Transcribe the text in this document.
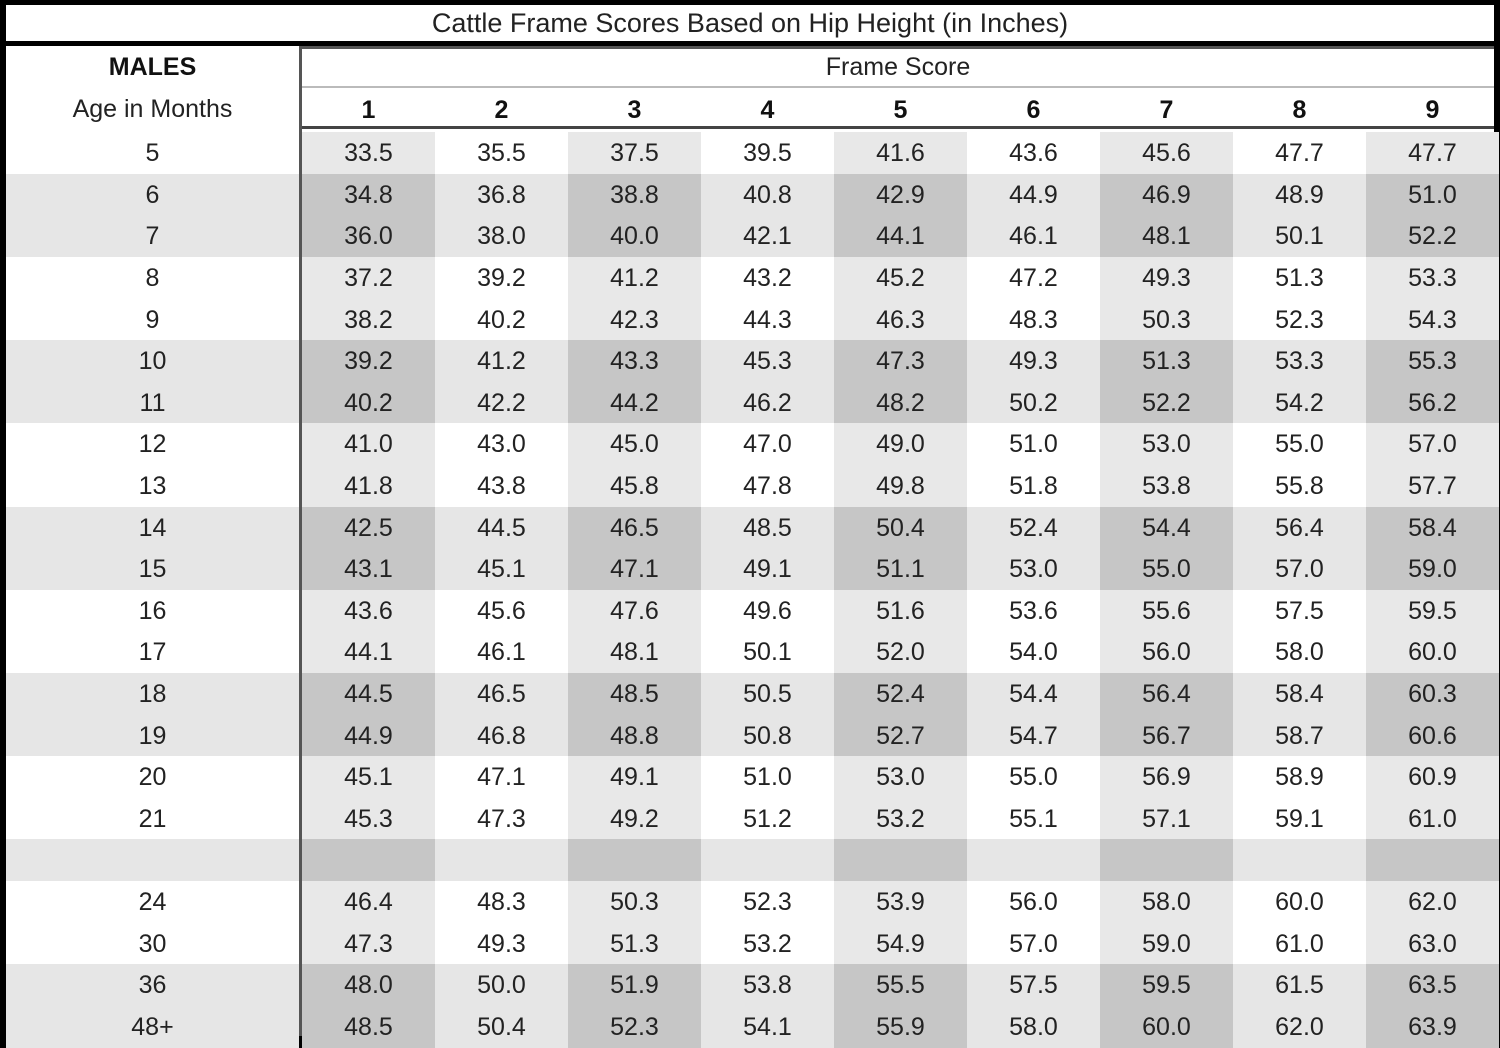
Cattle Frame Scores Based on Hip Height (in Inches)
MALES
Age in Months
Frame Score
1	2	3	4	5	6	7	8	9
5	33.5	35.5	37.5	39.5	41.6	43.6	45.6	47.7	47.7
6	34.8	36.8	38.8	40.8	42.9	44.9	46.9	48.9	51.0
7	36.0	38.0	40.0	42.1	44.1	46.1	48.1	50.1	52.2
8	37.2	39.2	41.2	43.2	45.2	47.2	49.3	51.3	53.3
9	38.2	40.2	42.3	44.3	46.3	48.3	50.3	52.3	54.3
10	39.2	41.2	43.3	45.3	47.3	49.3	51.3	53.3	55.3
11	40.2	42.2	44.2	46.2	48.2	50.2	52.2	54.2	56.2
12	41.0	43.0	45.0	47.0	49.0	51.0	53.0	55.0	57.0
13	41.8	43.8	45.8	47.8	49.8	51.8	53.8	55.8	57.7
14	42.5	44.5	46.5	48.5	50.4	52.4	54.4	56.4	58.4
15	43.1	45.1	47.1	49.1	51.1	53.0	55.0	57.0	59.0
16	43.6	45.6	47.6	49.6	51.6	53.6	55.6	57.5	59.5
17	44.1	46.1	48.1	50.1	52.0	54.0	56.0	58.0	60.0
18	44.5	46.5	48.5	50.5	52.4	54.4	56.4	58.4	60.3
19	44.9	46.8	48.8	50.8	52.7	54.7	56.7	58.7	60.6
20	45.1	47.1	49.1	51.0	53.0	55.0	56.9	58.9	60.9
21	45.3	47.3	49.2	51.2	53.2	55.1	57.1	59.1	61.0
24	46.4	48.3	50.3	52.3	53.9	56.0	58.0	60.0	62.0
30	47.3	49.3	51.3	53.2	54.9	57.0	59.0	61.0	63.0
36	48.0	50.0	51.9	53.8	55.5	57.5	59.5	61.5	63.5
48+	48.5	50.4	52.3	54.1	55.9	58.0	60.0	62.0	63.9
